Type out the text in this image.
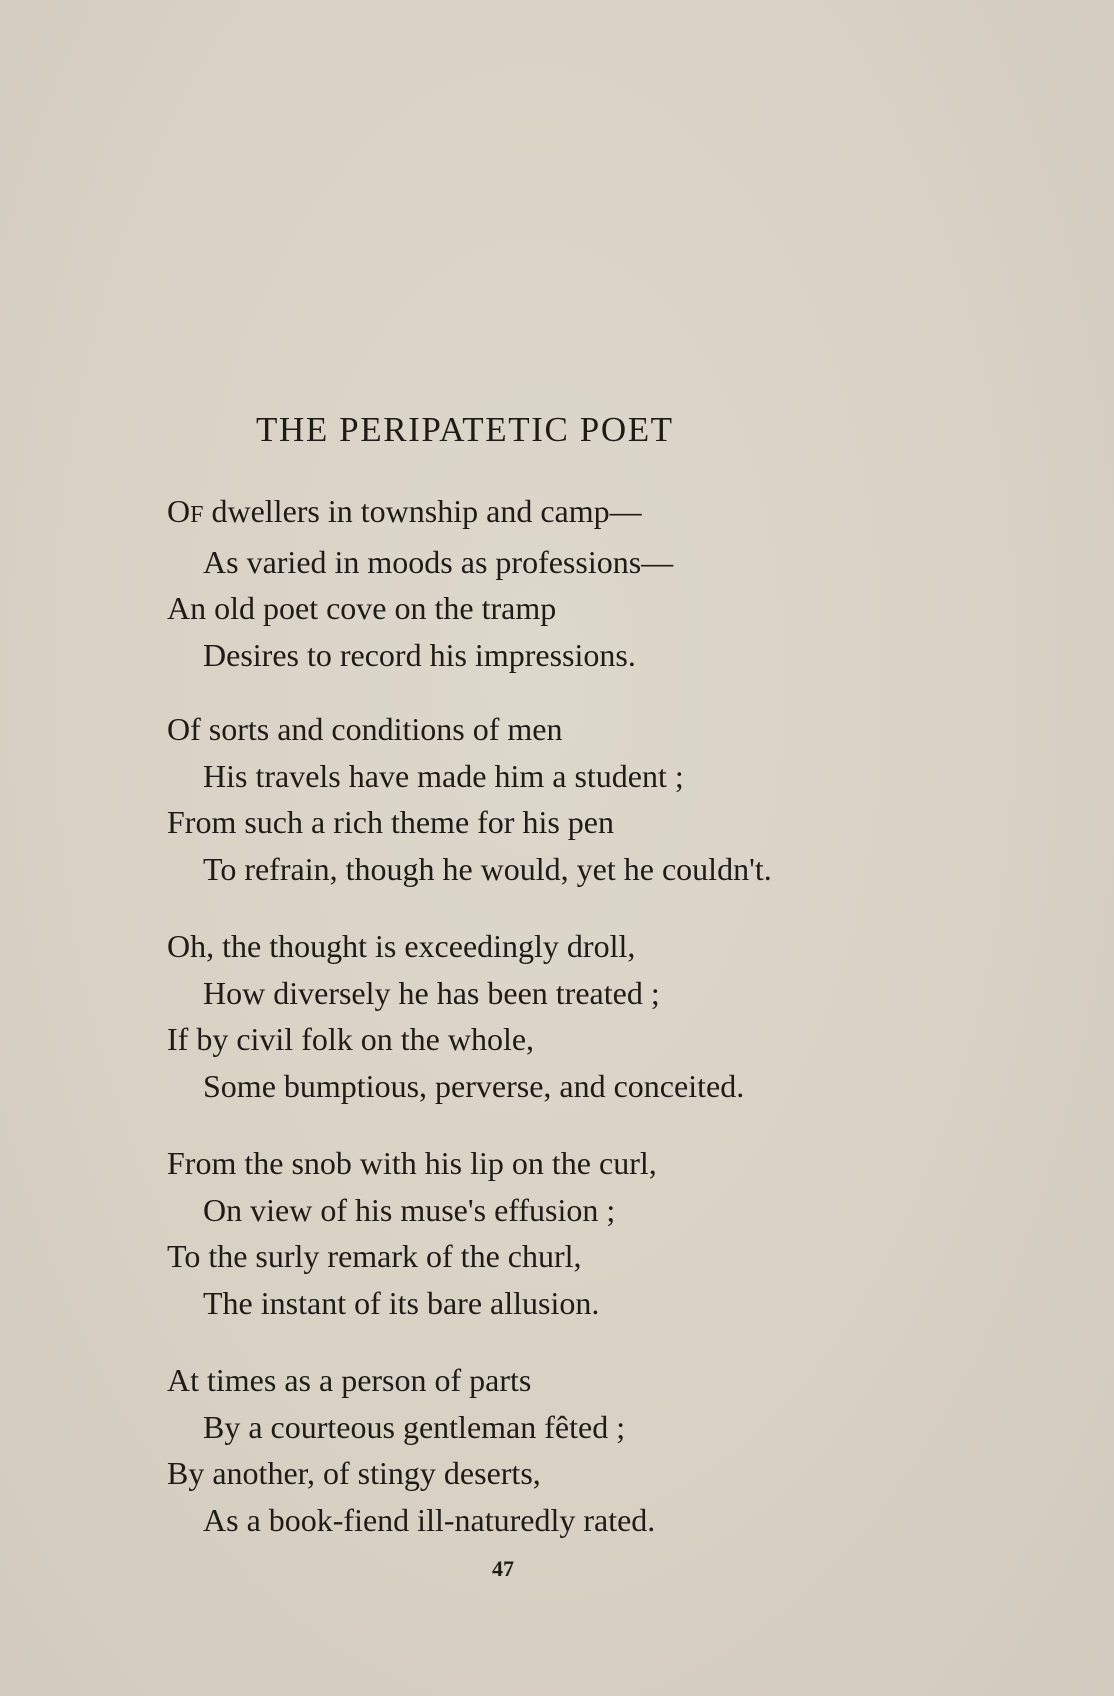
THE PERIPATETIC POET
OF dwellers in township and camp—
As varied in moods as professions—
An old poet cove on the tramp
Desires to record his impressions.
Of sorts and conditions of men
His travels have made him a student ;
From such a rich theme for his pen
To refrain, though he would, yet he couldn't.
Oh, the thought is exceedingly droll,
How diversely he has been treated ;
If by civil folk on the whole,
Some bumptious, perverse, and conceited.
From the snob with his lip on the curl,
On view of his muse's effusion ;
To the surly remark of the churl,
The instant of its bare allusion.
At times as a person of parts
By a courteous gentleman fêted ;
By another, of stingy deserts,
As a book-fiend ill-naturedly rated.
47
